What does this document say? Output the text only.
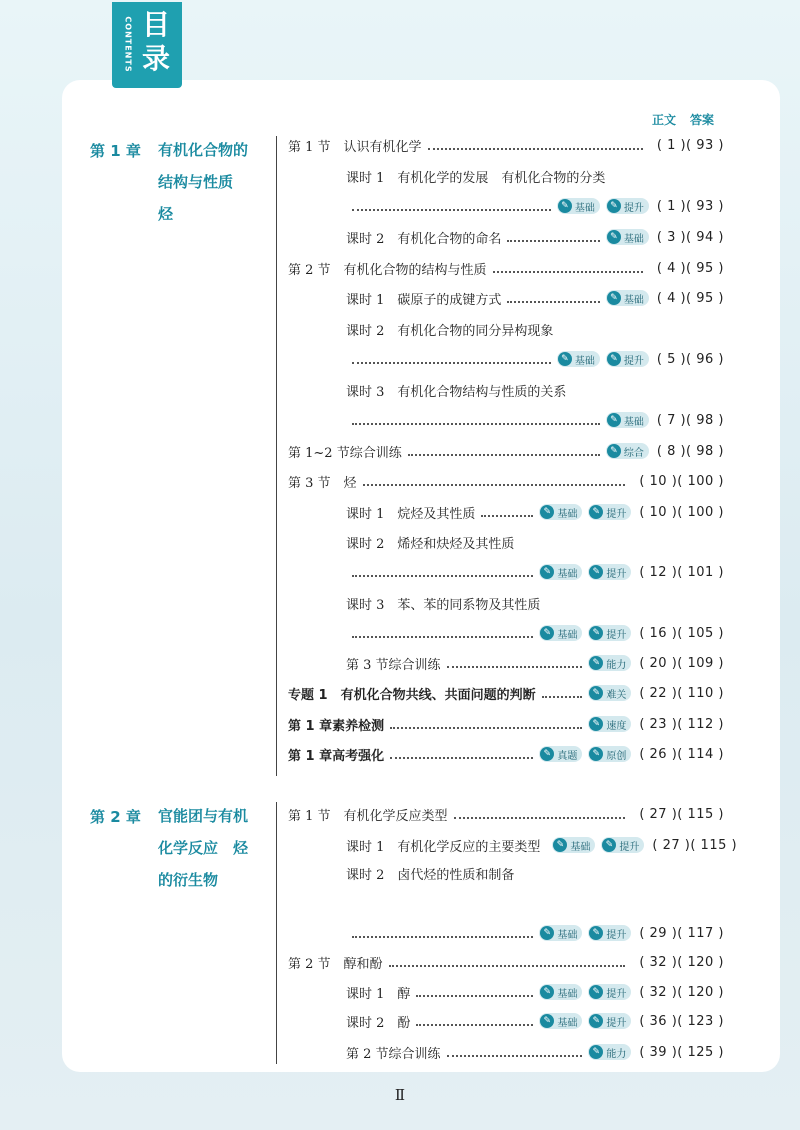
目录
CONTENTS
正文 答案
第 1 章 有机化合物的
结构与性质
烃
第 2 章 官能团与有机
化学反应　烃
的衍生物
第 1 节　认识有机化学	( 1 )( 93 )
课时 1　有机化学的发展　有机化合物的分类
✎ 基础	✎ 提升 ( 1 )( 93 )
课时 2　有机化合物的命名	✎ 基础 ( 3 )( 94 )
第 2 节　有机化合物的结构与性质	( 4 )( 95 )
课时 1　碳原子的成键方式	✎ 基础 ( 4 )( 95 )
课时 2　有机化合物的同分异构现象
✎ 基础	✎ 提升 ( 5 )( 96 )
课时 3　有机化合物结构与性质的关系
✎ 基础 ( 7 )( 98 )
第 1~2 节综合训练	✎ 综合 ( 8 )( 98 )
第 3 节　烃	( 10 )( 100 )
课时 1　烷烃及其性质	✎ 基础	✎ 提升 ( 10 )( 100 )
课时 2　烯烃和炔烃及其性质
✎ 基础	✎ 提升 ( 12 )( 101 )
课时 3　苯、苯的同系物及其性质
✎ 基础	✎ 提升 ( 16 )( 105 )
第 3 节综合训练	✎ 能力 ( 20 )( 109 )
专题 1　有机化合物共线、共面问题的判断	✎ 难关 ( 22 )( 110 )
第 1 章素养检测	✎ 速度 ( 23 )( 112 )
第 1 章高考强化	✎ 真题	✎ 原创 ( 26 )( 114 )
第 1 节　有机化学反应类型	( 27 )( 115 )
课时 1　有机化学反应的主要类型	✎ 基础	✎ 提升 ( 27 )( 115 )
课时 2　卤代烃的性质和制备
✎ 基础	✎ 提升 ( 29 )( 117 )
第 2 节　醇和酚	( 32 )( 120 )
课时 1　醇	✎ 基础	✎ 提升 ( 32 )( 120 )
课时 2　酚	✎ 基础	✎ 提升 ( 36 )( 123 )
第 2 节综合训练	✎ 能力 ( 39 )( 125 )
Ⅱ
